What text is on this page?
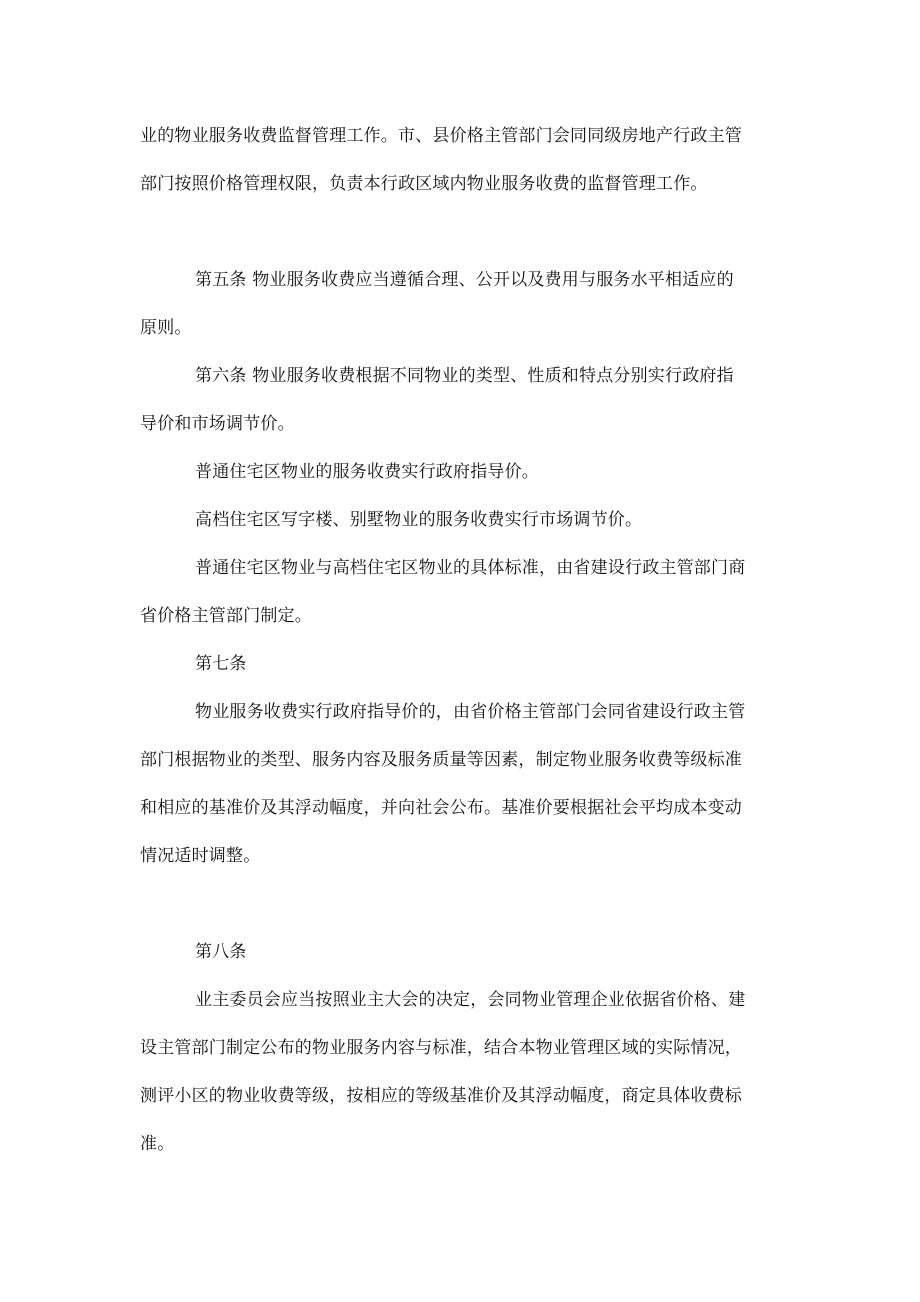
业的物业服务收费监督管理工作。市、县价格主管部门会同同级房地产行政主管
部门按照价格管理权限，负责本行政区域内物业服务收费的监督管理工作。
第五条 物业服务收费应当遵循合理、公开以及费用与服务水平相适应的
原则。
第六条 物业服务收费根据不同物业的类型、性质和特点分别实行政府指
导价和市场调节价。
普通住宅区物业的服务收费实行政府指导价。
高档住宅区写字楼、别墅物业的服务收费实行市场调节价。
普通住宅区物业与高档住宅区物业的具体标准，由省建设行政主管部门商
省价格主管部门制定。
第七条
物业服务收费实行政府指导价的，由省价格主管部门会同省建设行政主管
部门根据物业的类型、服务内容及服务质量等因素，制定物业服务收费等级标准
和相应的基准价及其浮动幅度，并向社会公布。基准价要根据社会平均成本变动
情况适时调整。
第八条
业主委员会应当按照业主大会的决定，会同物业管理企业依据省价格、建
设主管部门制定公布的物业服务内容与标准，结合本物业管理区域的实际情况，
测评小区的物业收费等级，按相应的等级基准价及其浮动幅度，商定具体收费标
准。
